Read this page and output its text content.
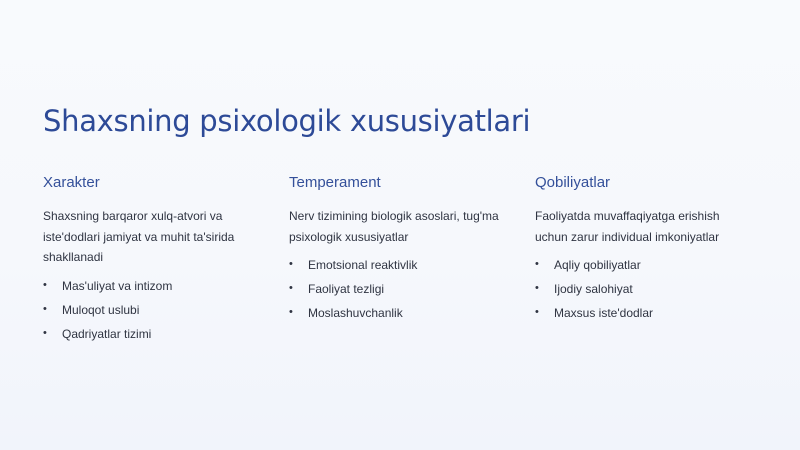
Shaxsning psixologik xususiyatlari
Xarakter

Shaxsning barqaror xulq-atvori va iste'dodlari jamiyat va muhit ta'sirida shakllanadi

• Mas'uliyat va intizom
• Muloqot uslubi
• Qadriyatlar tizimi
Temperament

Nerv tizimining biologik asoslari, tug'ma psixologik xususiyatlar

• Emotsional reaktivlik
• Faoliyat tezligi
• Moslashuvchanlik
Qobiliyatlar

Faoliyatda muvaffaqiyatga erishish uchun zarur individual imkoniyatlar

• Aqliy qobiliyatlar
• Ijodiy salohiyat
• Maxsus iste'dodlar
